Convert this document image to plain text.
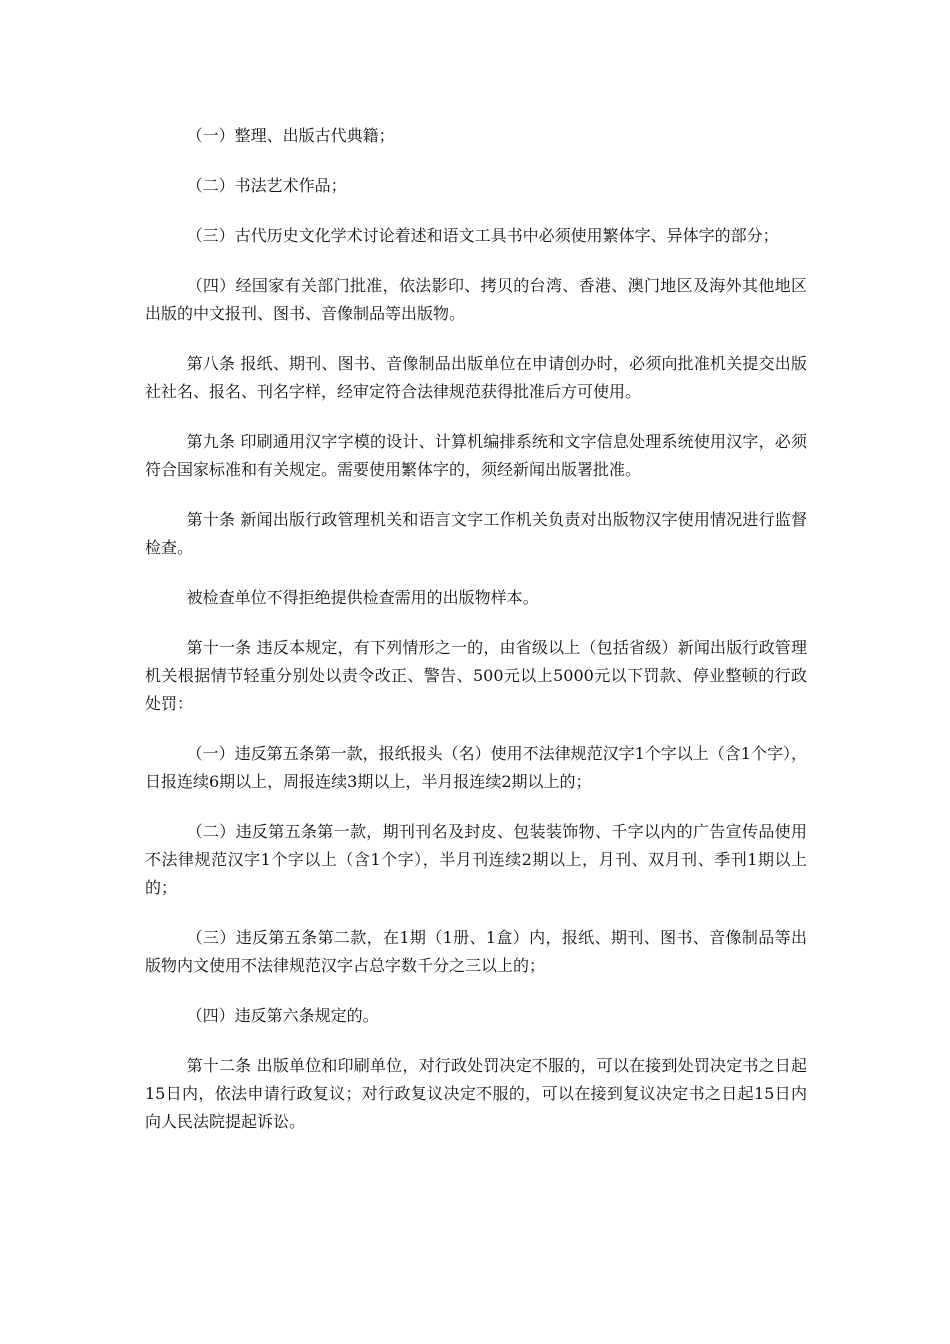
（一）整理、出版古代典籍；

（二）书法艺术作品；

（三）古代历史文化学术讨论着述和语文工具书中必须使用繁体字、异体字的部分；

（四）经国家有关部门批准，依法影印、拷贝的台湾、香港、澳门地区及海外其他地区出版的中文报刊、图书、音像制品等出版物。

第八条 报纸、期刊、图书、音像制品出版单位在申请创办时，必须向批准机关提交出版社社名、报名、刊名字样，经审定符合法律规范获得批准后方可使用。

第九条 印刷通用汉字字模的设计、计算机编排系统和文字信息处理系统使用汉字，必须符合国家标准和有关规定。需要使用繁体字的，须经新闻出版署批准。

第十条 新闻出版行政管理机关和语言文字工作机关负责对出版物汉字使用情况进行监督检查。

被检查单位不得拒绝提供检查需用的出版物样本。

第十一条 违反本规定，有下列情形之一的，由省级以上（包括省级）新闻出版行政管理机关根据情节轻重分别处以责令改正、警告、500元以上5000元以下罚款、停业整顿的行政处罚：

（一）违反第五条第一款，报纸报头（名）使用不法律规范汉字1个字以上（含1个字），日报连续6期以上，周报连续3期以上，半月报连续2期以上的；

（二）违反第五条第一款，期刊刊名及封皮、包装装饰物、千字以内的广告宣传品使用不法律规范汉字1个字以上（含1个字），半月刊连续2期以上，月刊、双月刊、季刊1期以上的；

（三）违反第五条第二款，在1期（1册、1盒）内，报纸、期刊、图书、音像制品等出版物内文使用不法律规范汉字占总字数千分之三以上的；

（四）违反第六条规定的。

第十二条 出版单位和印刷单位，对行政处罚决定不服的，可以在接到处罚决定书之日起15日内，依法申请行政复议；对行政复议决定不服的，可以在接到复议决定书之日起15日内向人民法院提起诉讼。
